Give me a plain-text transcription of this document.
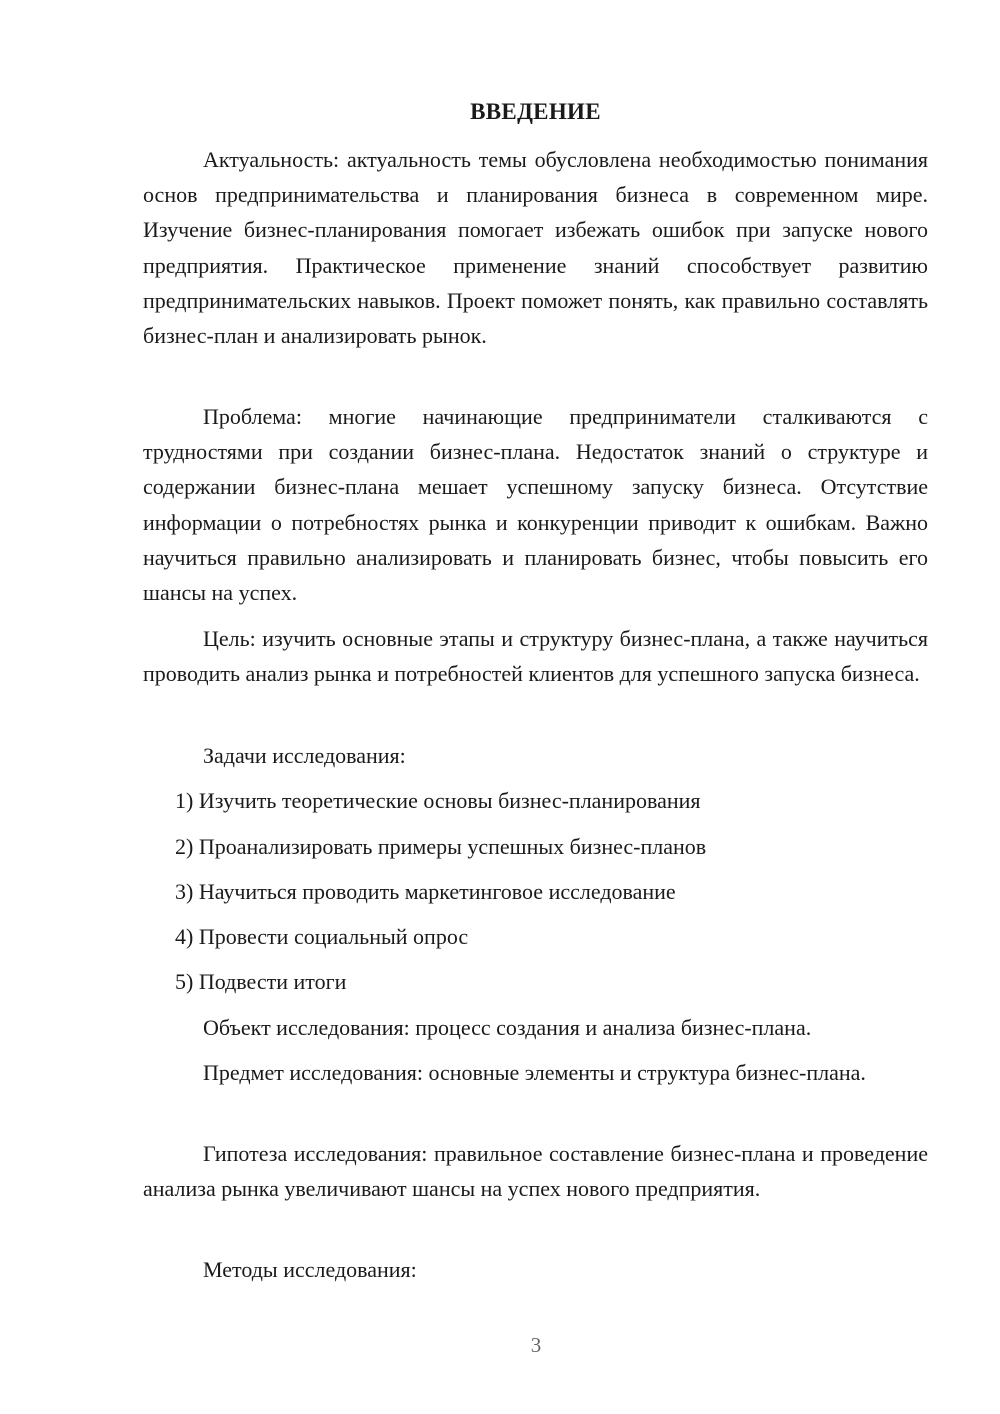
ВВЕДЕНИЕ

Актуальность: актуальность темы обусловлена необходимостью понимания основ предпринимательства и планирования бизнеса в современном мире. Изучение бизнес-планирования помогает избежать ошибок при запуске нового предприятия. Практическое применение знаний способствует развитию предпринимательских навыков. Проект поможет понять, как правильно составлять бизнес-план и анализировать рынок.

Проблема: многие начинающие предприниматели сталкиваются с трудностями при создании бизнес-плана. Недостаток знаний о структуре и содержании бизнес-плана мешает успешному запуску бизнеса. Отсутствие информации о потребностях рынка и конкуренции приводит к ошибкам. Важно научиться правильно анализировать и планировать бизнес, чтобы повысить его шансы на успех.

Цель: изучить основные этапы и структуру бизнес-плана, а также научиться проводить анализ рынка и потребностей клиентов для успешного запуска бизнеса.

Задачи исследования:

1) Изучить теоретические основы бизнес-планирования

2) Проанализировать примеры успешных бизнес-планов

3) Научиться проводить маркетинговое исследование

4) Провести социальный опрос

5) Подвести итоги

Объект исследования: процесс создания и анализа бизнес-плана.

Предмет исследования: основные элементы и структура бизнес-плана.

Гипотеза исследования: правильное составление бизнес-плана и проведение анализа рынка увеличивают шансы на успех нового предприятия.

Методы исследования:

3
